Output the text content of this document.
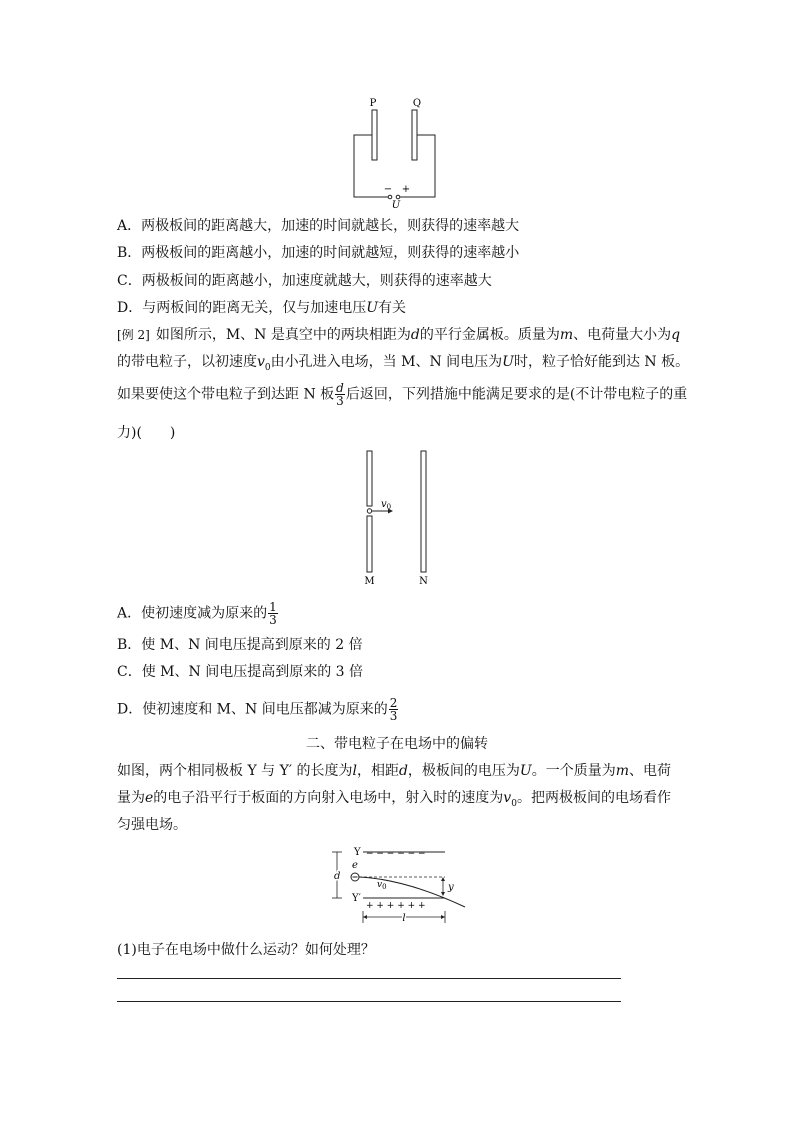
P	Q
− +
U
A．两极板间的距离越大，加速的时间就越长，则获得的速率越大
B．两极板间的距离越小，加速的时间就越短，则获得的速率越小
C．两极板间的距离越小，加速度就越大，则获得的速率越大
D．与两板间的距离无关，仅与加速电压U有关
[例 2] 如图所示，M、N 是真空中的两块相距为d的平行金属板。质量为m、电荷量大小为q
的带电粒子，以初速度$v_0$由小孔进入电场，当 M、N 间电压为U时，粒子恰好能到达 N 板。
如果要使这个带电粒子到达距 N 板 $\frac{d}{3}$ 后返回，下列措施中能满足要求的是(不计带电粒子的重
力)(　　)
$v_0$
M	N
A．使初速度减为原来的 $\frac{1}{3}$
B．使 M、N 间电压提高到原来的 2 倍
C．使 M、N 间电压提高到原来的 3 倍
D．使初速度和 M、N 间电压都减为原来的 $\frac{2}{3}$
二、带电粒子在电场中的偏转
如图，两个相同极板 Y 与 Y′ 的长度为l，相距d，极板间的电压为U。一个质量为m、电荷
量为e的电子沿平行于板面的方向射入电场中，射入时的速度为$v_0$。把两极板间的电场看作
匀强电场。
Y − − − − − −
e
d
$v_0$	y
Y′
+ + + + + +
l
(1)电子在电场中做什么运动？如何处理？
